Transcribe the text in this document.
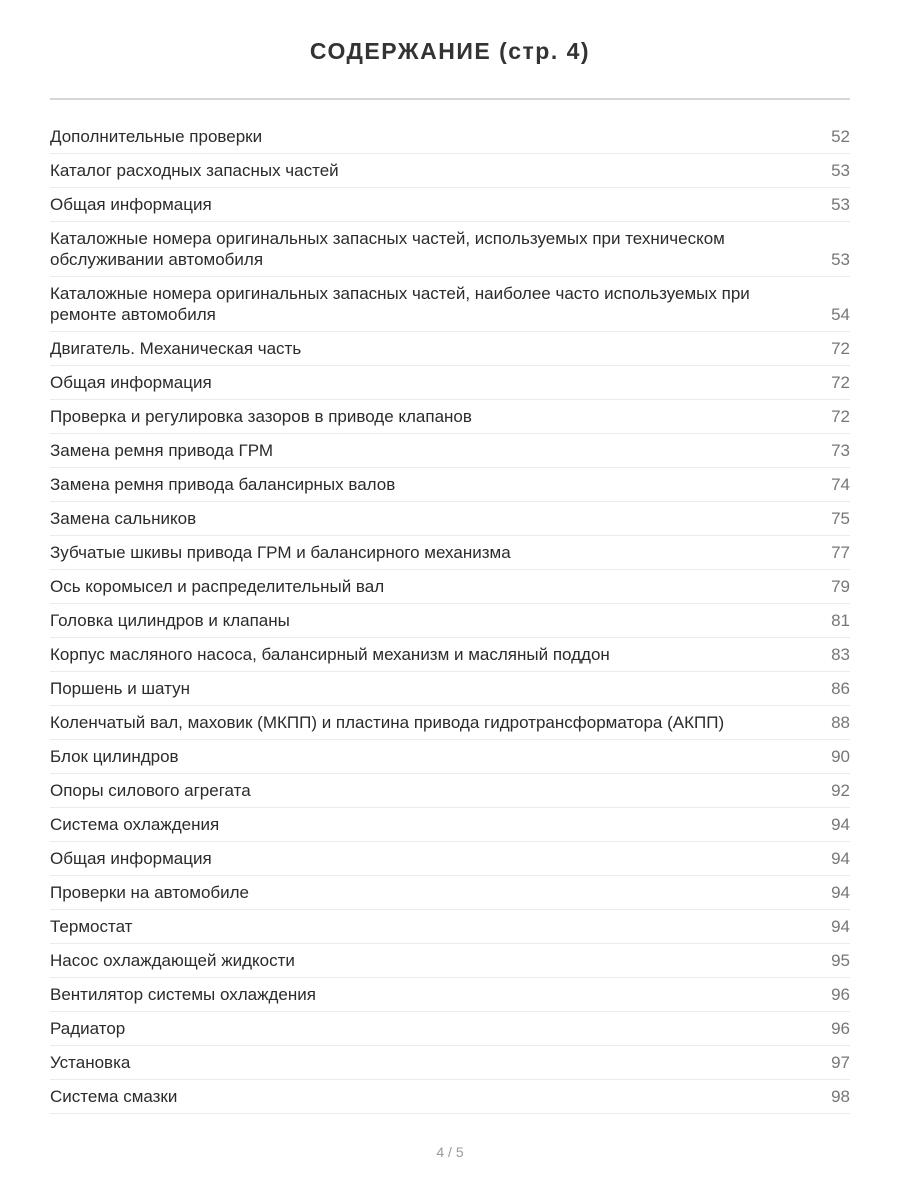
СОДЕРЖАНИЕ (стр. 4)
Дополнительные проверки	52
Каталог расходных запасных частей	53
Общая информация	53
Каталожные номера оригинальных запасных частей, используемых при техническом обслуживании автомобиля	53
Каталожные номера оригинальных запасных частей, наиболее часто используемых при ремонте автомобиля	54
Двигатель. Механическая часть	72
Общая информация	72
Проверка и регулировка зазоров в приводе клапанов	72
Замена ремня привода ГРМ	73
Замена ремня привода балансирных валов	74
Замена сальников	75
Зубчатые шкивы привода ГРМ и балансирного механизма	77
Ось коромысел и распределительный вал	79
Головка цилиндров и клапаны	81
Корпус масляного насоса, балансирный механизм и масляный поддон	83
Поршень и шатун	86
Коленчатый вал, маховик (МКПП) и пластина привода гидротрансформатора (АКПП)	88
Блок цилиндров	90
Опоры силового агрегата	92
Система охлаждения	94
Общая информация	94
Проверки на автомобиле	94
Термостат	94
Насос охлаждающей жидкости	95
Вентилятор системы охлаждения	96
Радиатор	96
Установка	97
Система смазки	98
4 / 5
